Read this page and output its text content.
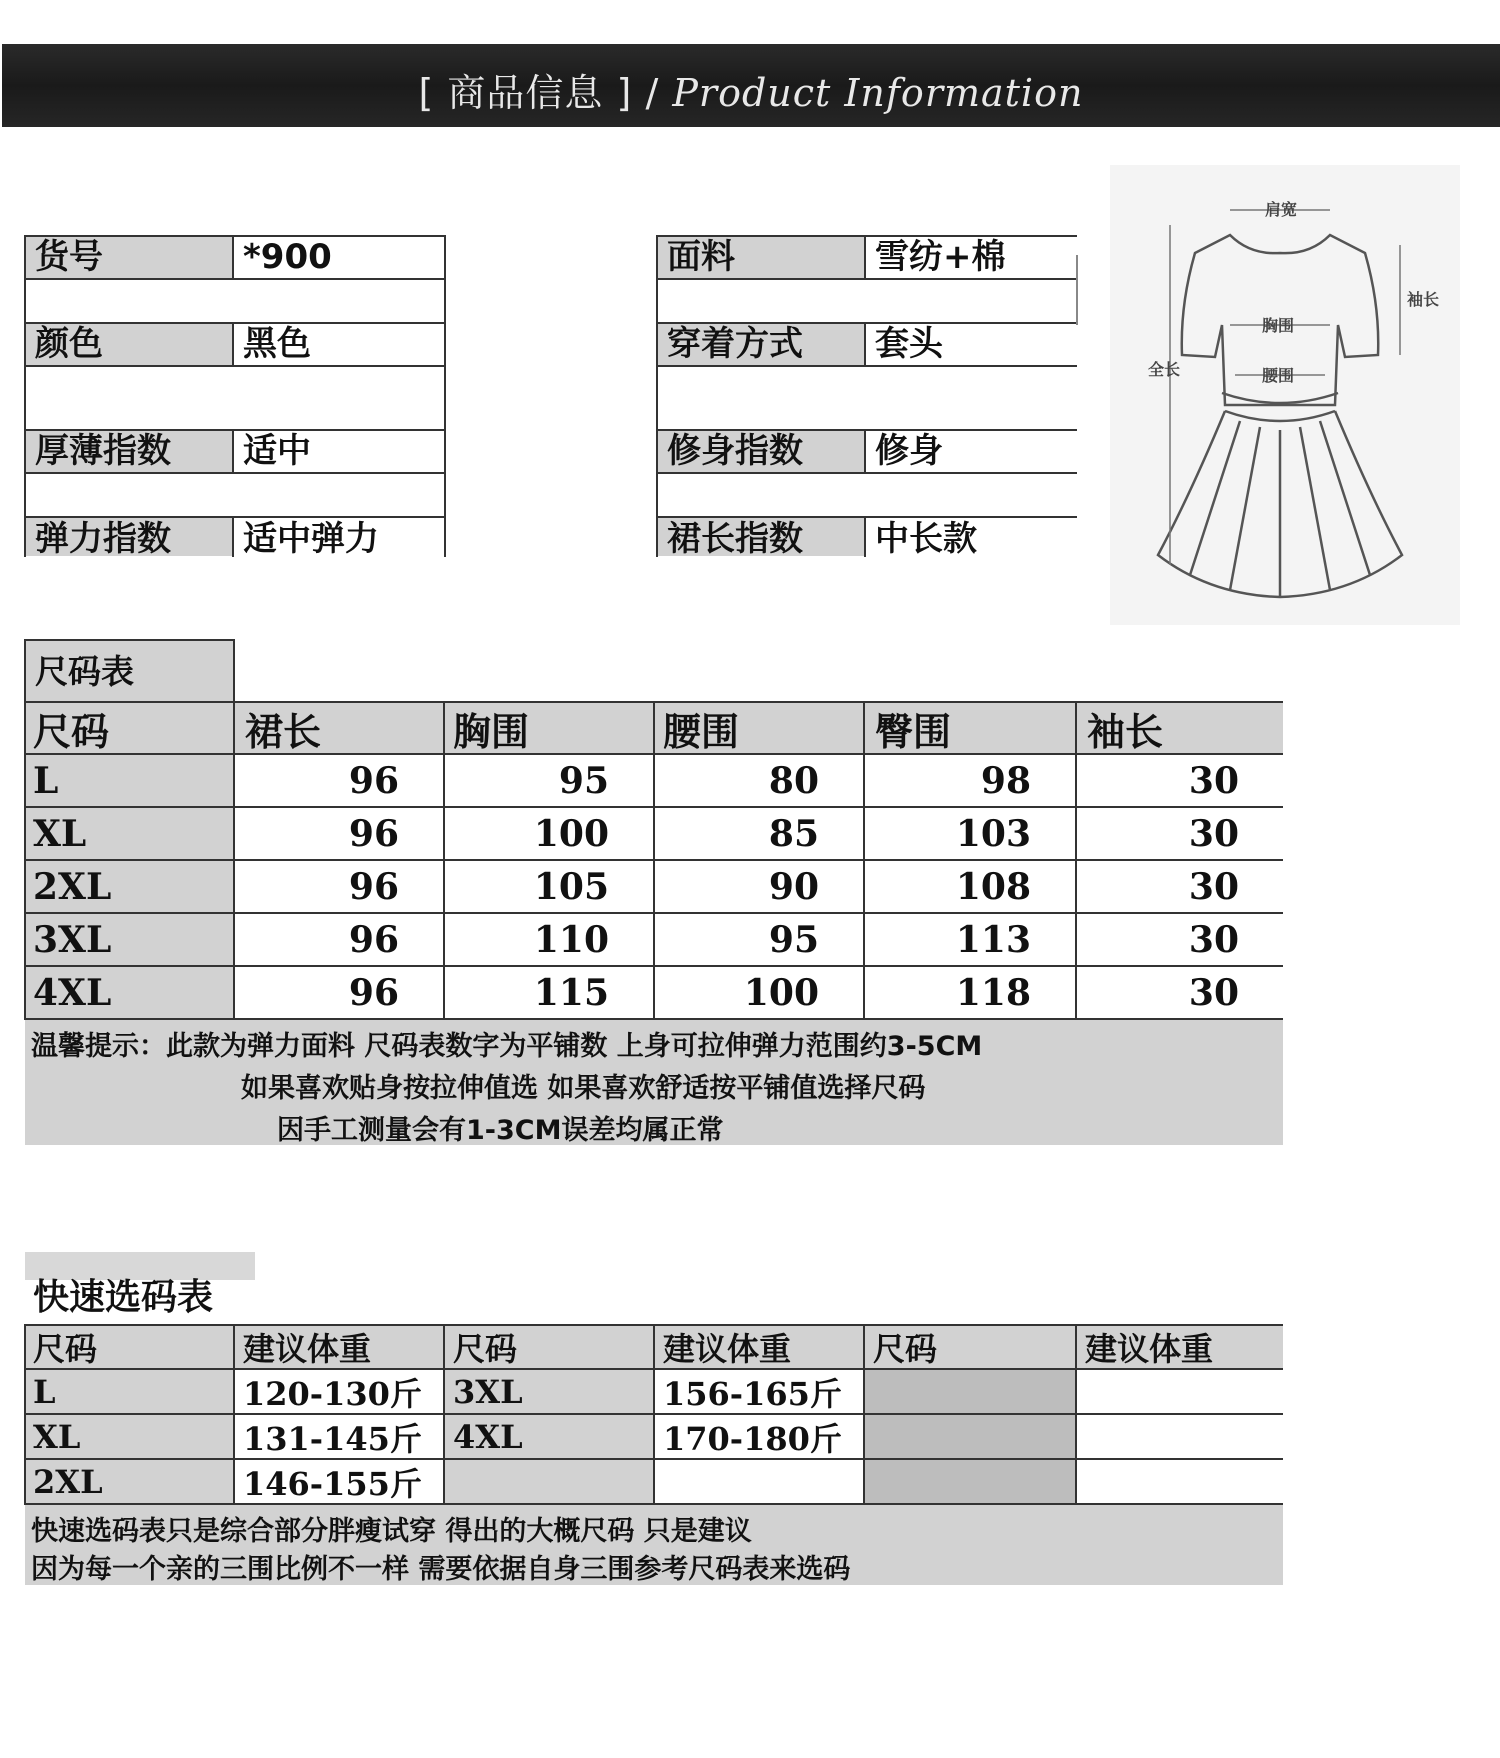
[ 商品信息 ] / Product Information
货号	*900
颜色	黑色
厚薄指数	适中
弹力指数	适中弹力
面料	雪纺+棉
穿着方式	套头
修身指数	修身
裙长指数	中长款
肩宽
袖长
胸围
腰围
全长
尺码表
尺码	裙长	胸围	腰围	臀围	袖长
L	96	95	80	98	30
XL	96	100	85	103	30
2XL	96	105	90	108	30
3XL	96	110	95	113	30
4XL	96	115	100	118	30
温馨提示：此款为弹力面料 尺码表数字为平铺数 上身可拉伸弹力范围约3-5CM
如果喜欢贴身按拉伸值选 如果喜欢舒适按平铺值选择尺码
因手工测量会有1-3CM误差均属正常
快速选码表
尺码	建议体重	尺码	建议体重	尺码	建议体重
L	120-130斤 3XL	156-165斤
XL	131-145斤 4XL	170-180斤
2XL	146-155斤
快速选码表只是综合部分胖瘦试穿 得出的大概尺码 只是建议
因为每一个亲的三围比例不一样 需要依据自身三围参考尺码表来选码
